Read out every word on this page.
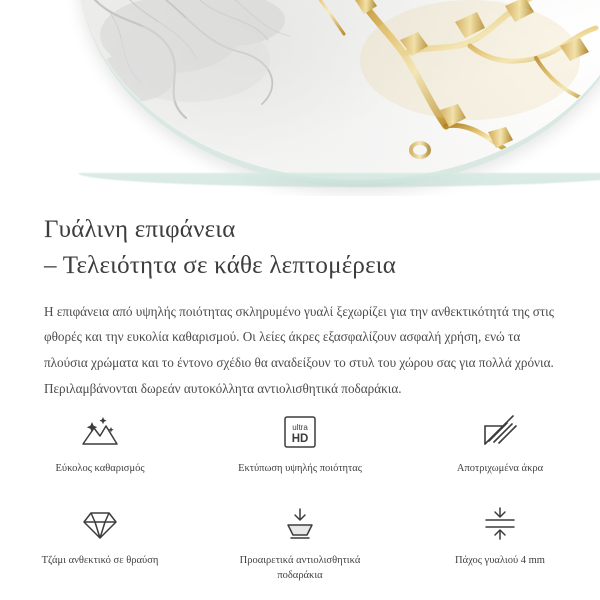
Γυάλινη επιφάνεια
– Τελειότητα σε κάθε λεπτομέρεια

Η επιφάνεια από υψηλής ποιότητας σκληρυμένο γυαλί ξεχωρίζει για την ανθεκτικότητά της στις φθορές και την ευκολία καθαρισμού. Οι λείες άκρες εξασφαλίζουν ασφαλή χρήση, ενώ τα πλούσια χρώματα και το έντονο σχέδιο θα αναδείξουν το στυλ του χώρου σας για πολλά χρόνια. Περιλαμβάνονται δωρεάν αυτοκόλλητα αντιολισθητικά ποδαράκια.

Εύκολος καθαρισμός
ultra
HD
Εκτύπωση υψηλής ποιότητας	Αποτριχωμένα άκρα
Τζάμι ανθεκτικό σε θραύση	Προαιρετικά αντιολισθητικά ποδαράκια
Πάχος γυαλιού 4 mm
